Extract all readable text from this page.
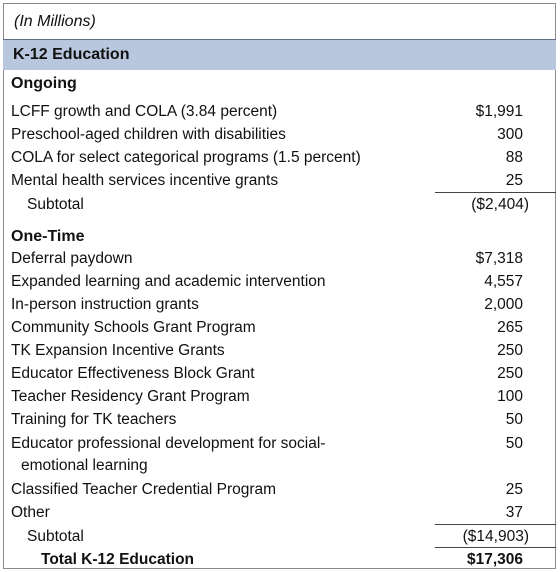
(In Millions)
K-12 Education
Ongoing
LCFF growth and COLA (3.84 percent)	$1,991
Preschool-aged children with disabilities	300
COLA for select categorical programs (1.5 percent)	88
Mental health services incentive grants	25
Subtotal	($2,404)
One-Time
Deferral paydown	$7,318
Expanded learning and academic intervention	4,557
In-person instruction grants	2,000
Community Schools Grant Program	265
TK Expansion Incentive Grants	250
Educator Effectiveness Block Grant	250
Teacher Residency Grant Program	100
Training for TK teachers	50
Educator professional development for social-	50
emotional learning
Classified Teacher Credential Program	25
Other	37
Subtotal	($14,903)
Total K-12 Education	$17,306
